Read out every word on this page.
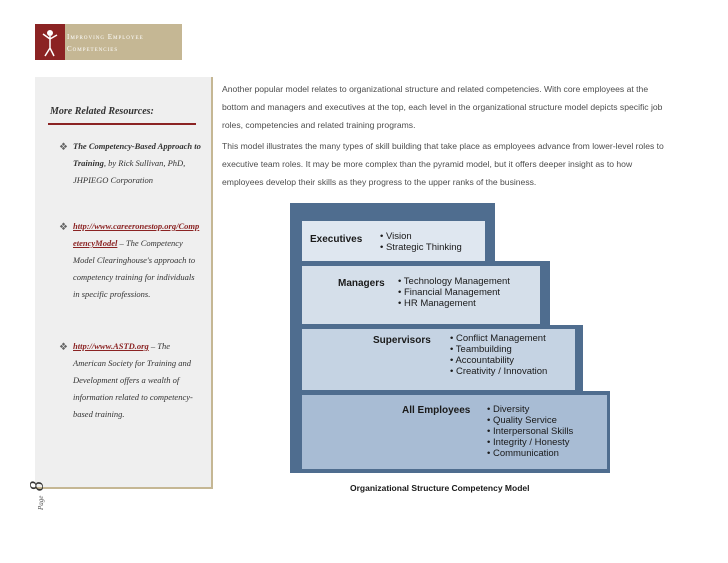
Improving Employee
Competencies
More Related Resources:
❖ The Competency-Based Approach to Training, by Rick Sullivan, PhD, JHPIEGO Corporation
❖ http://www.careeronestop.org/CompetencyModel – The Competency Model Clearinghouse's approach to competency training for individuals in specific professions.
❖ http://www.ASTD.org – The American Society for Training and Development offers a wealth of information related to competency-based training.
Another popular model relates to organizational structure and related competencies. With core employees at the bottom and managers and executives at the top, each level in the organizational structure model depicts specific job roles, competencies and related training programs.
This model illustrates the many types of skill building that take place as employees advance from lower-level roles to executive team roles. It may be more complex than the pyramid model, but it offers deeper insight as to how employees develop their skills as they progress to the upper ranks of the business.
Executives • Vision
• Strategic Thinking
Managers • Technology Management
• Financial Management
• HR Management
Supervisors • Conflict Management
• Teambuilding
• Accountability
• Creativity / Innovation
All Employees • Diversity
• Quality Service
• Interpersonal Skills
• Integrity / Honesty
• Communication
Organizational Structure Competency Model
Page 8
